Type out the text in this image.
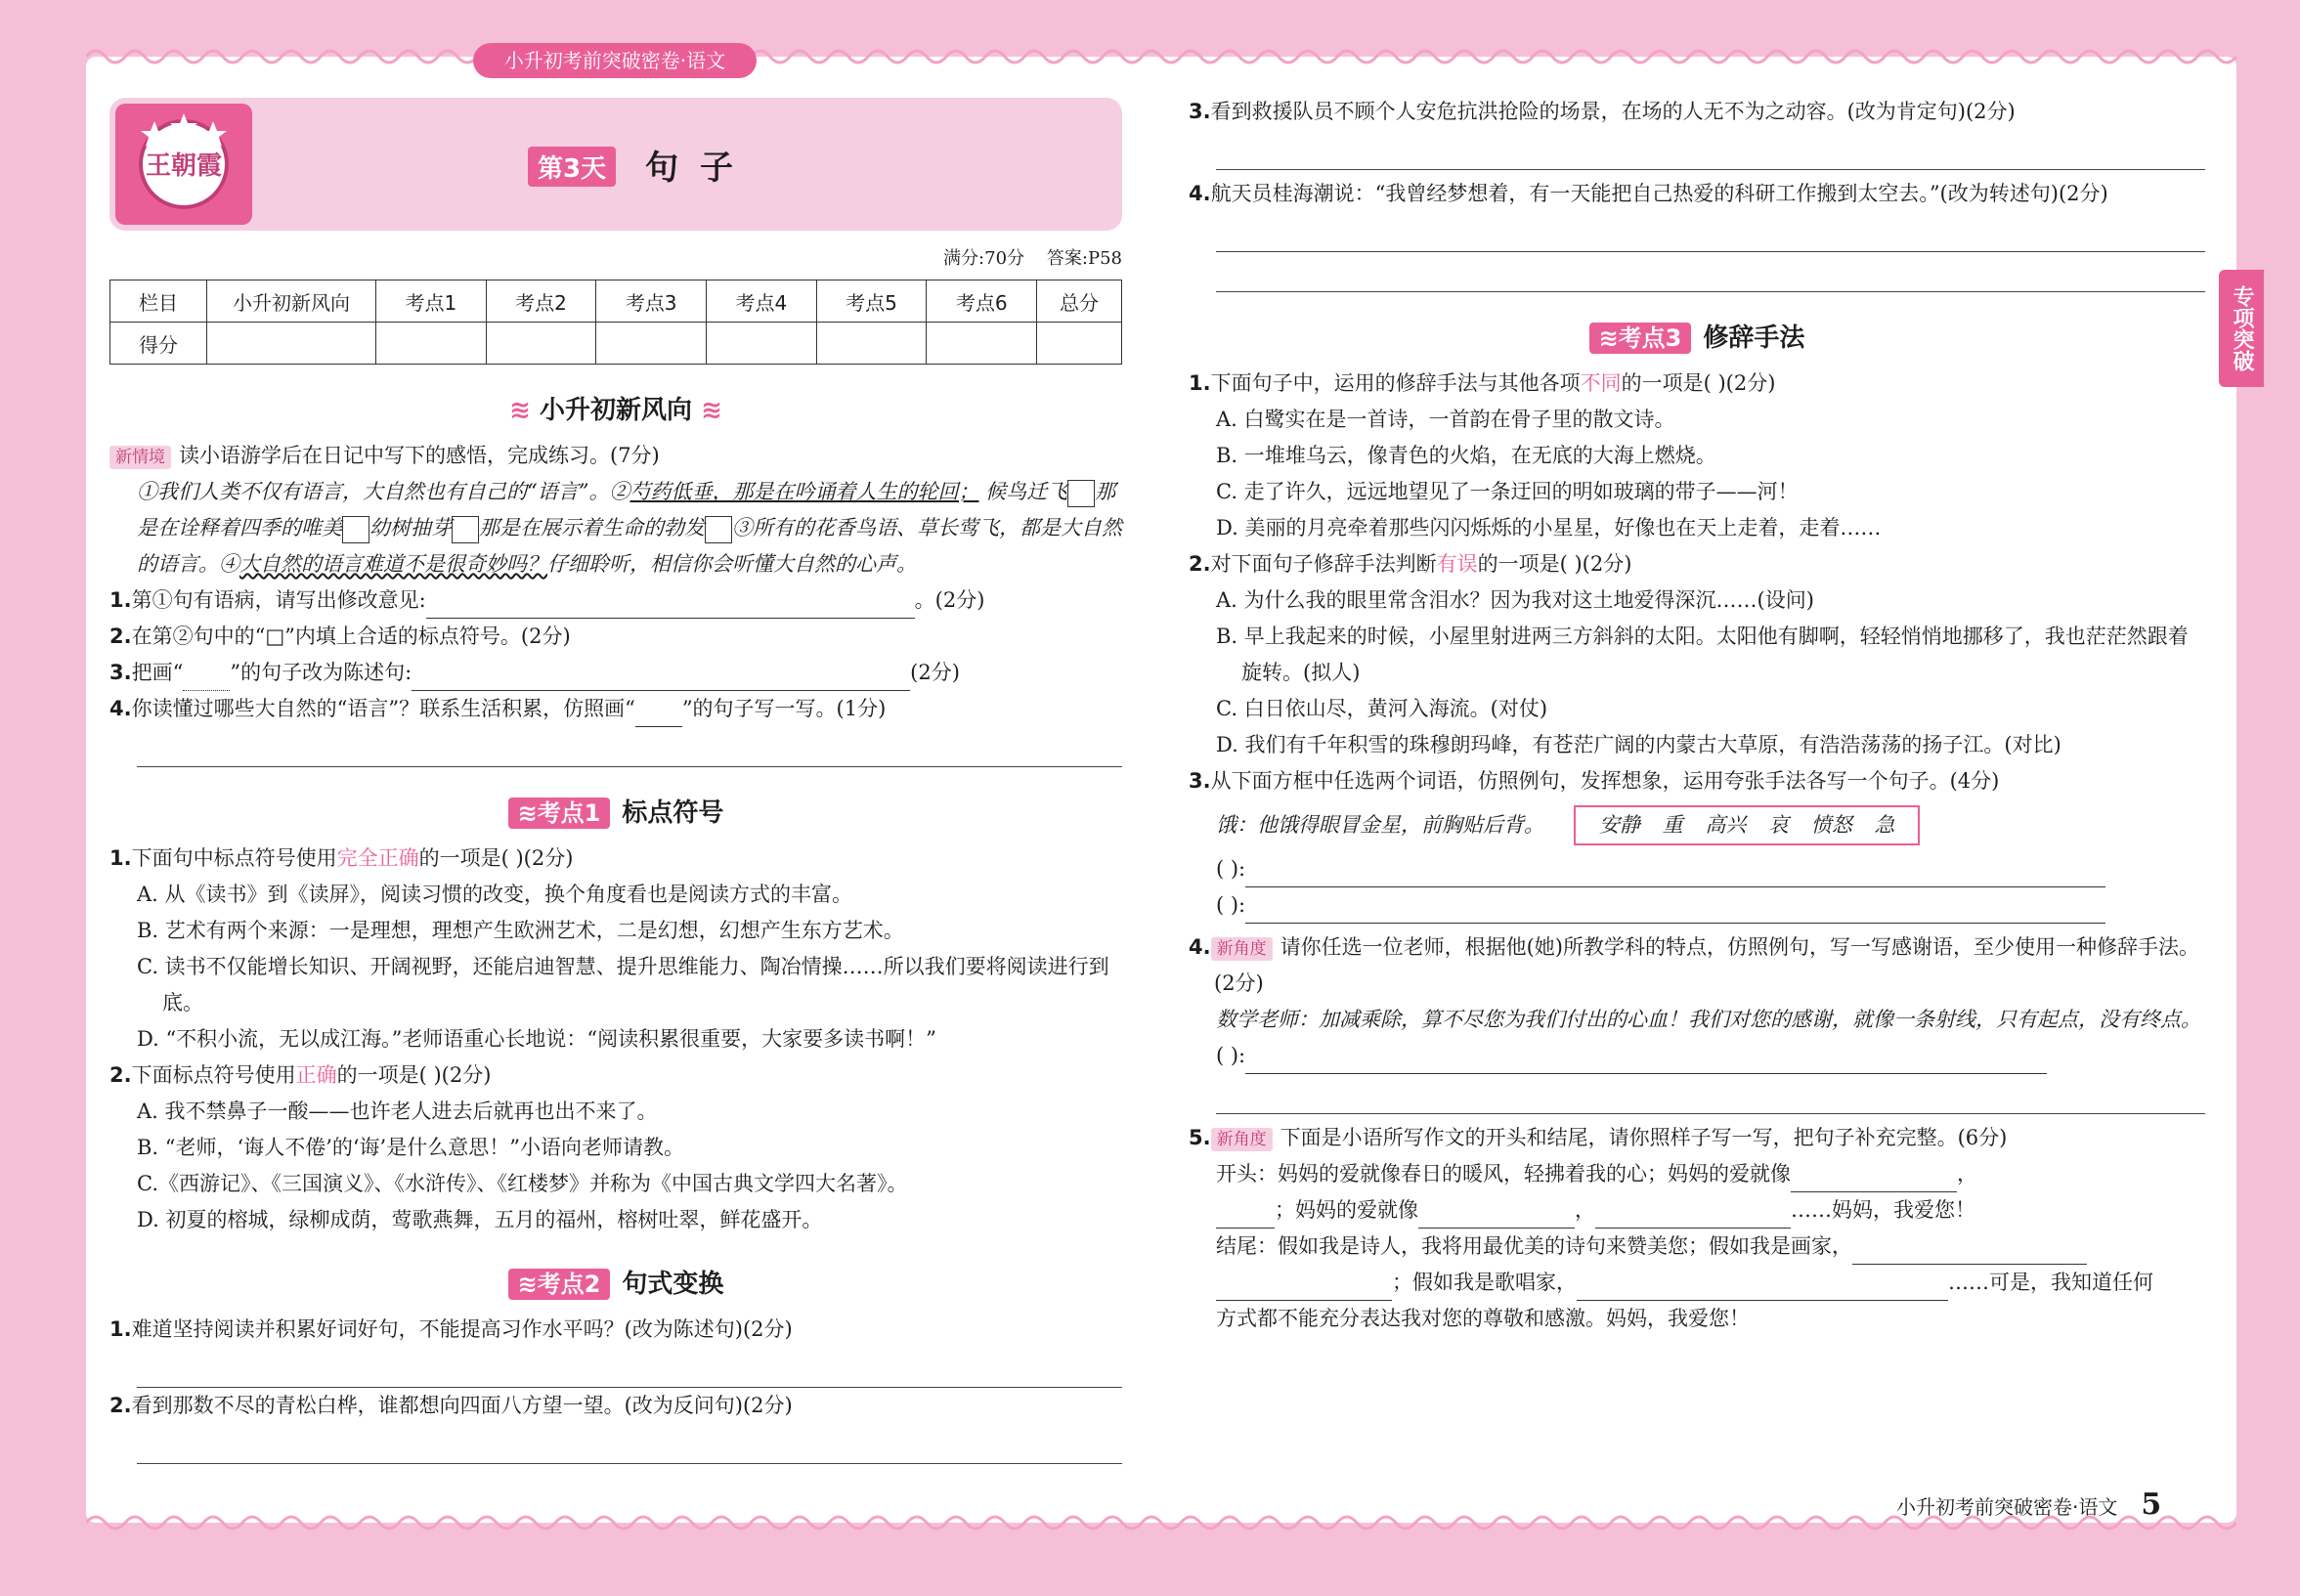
小升初考前突破密卷·语文
王朝霞	第3天 句子
满分:70分 答案:P58
栏目	小升初新风向	考点1	考点2	考点3	考点4	考点5	考点6	总分
得分								
≋ 小升初新风向 ≋

新情境 读小语游学后在日记中写下的感悟，完成练习。(7分)

①我们人类不仅有语言，大自然也有自己的“语言”。②芍药低垂，那是在吟诵着人生的轮回； 候鸟迁飞 那是在诠释着四季的唯美 幼树抽芽 那是在展示着生命的勃发 ③所有的花香鸟语、草长莺飞，都是大自然的语言。④大自然的语言难道不是很奇妙吗？仔细聆听，相信你会听懂大自然的心声。

1.第①句有语病，请写出修改意见:	。(2分)

2.在第②句中的“□”内填上合适的标点符号。(2分)

3.把画“ ”的句子改为陈述句:	(2分)

4.你读懂过哪些大自然的“语言”？联系生活积累，仿照画“ ”的句子写一写。(1分)

≋考点1 标点符号

1.下面句中标点符号使用完全正确的一项是( )(2分)

A. 从《读书》到《读屏》，阅读习惯的改变，换个角度看也是阅读方式的丰富。

B. 艺术有两个来源：一是理想，理想产生欧洲艺术，二是幻想，幻想产生东方艺术。

C. 读书不仅能增长知识、开阔视野，还能启迪智慧、提升思维能力、陶冶情操……所以我们要将阅读进行到底。

D. “不积小流，无以成江海。”老师语重心长地说：“阅读积累很重要，大家要多读书啊！”

2.下面标点符号使用正确的一项是( )(2分)

A. 我不禁鼻子一酸——也许老人进去后就再也出不来了。

B. “老师，‘诲人不倦’的‘诲’是什么意思！”小语向老师请教。

C.《西游记》、《三国演义》、《水浒传》、《红楼梦》并称为《中国古典文学四大名著》。

D. 初夏的榕城，绿柳成荫，莺歌燕舞，五月的福州，榕树吐翠，鲜花盛开。

≋考点2 句式变换

1.难道坚持阅读并积累好词好句，不能提高习作水平吗？(改为陈述句)(2分)

2.看到那数不尽的青松白桦，谁都想向四面八方望一望。(改为反问句)(2分)

3.看到救援队员不顾个人安危抗洪抢险的场景，在场的人无不为之动容。(改为肯定句)(2分)

4.航天员桂海潮说：“我曾经梦想着，有一天能把自己热爱的科研工作搬到太空去。”(改为转述句)(2分)

≋考点3 修辞手法

1.下面句子中，运用的修辞手法与其他各项不同的一项是( )(2分)

A. 白鹭实在是一首诗，一首韵在骨子里的散文诗。

B. 一堆堆乌云，像青色的火焰，在无底的大海上燃烧。

C. 走了许久，远远地望见了一条迂回的明如玻璃的带子——河！

D. 美丽的月亮牵着那些闪闪烁烁的小星星，好像也在天上走着，走着……

2.对下面句子修辞手法判断有误的一项是( )(2分)

A. 为什么我的眼里常含泪水？因为我对这土地爱得深沉……(设问)

B. 早上我起来的时候，小屋里射进两三方斜斜的太阳。太阳他有脚啊，轻轻悄悄地挪移了，我也茫茫然跟着旋转。(拟人)

C. 白日依山尽，黄河入海流。(对仗)

D. 我们有千年积雪的珠穆朗玛峰，有苍茫广阔的内蒙古大草原，有浩浩荡荡的扬子江。(对比)

3.从下面方框中任选两个词语，仿照例句，发挥想象，运用夸张手法各写一个句子。(4分)

饿：他饿得眼冒金星，前胸贴后背。	安静 重 高兴 哀 愤怒 急

( ):

( ):

4. 新角度 请你任选一位老师，根据他(她)所教学科的特点，仿照例句，写一写感谢语，至少使用一种修辞手法。(2分)

数学老师：加减乘除，算不尽您为我们付出的心血！我们对您的感谢，就像一条射线，只有起点，没有终点。

( ):

5. 新角度 下面是小语所写作文的开头和结尾，请你照样子写一写，把句子补充完整。(6分)

开头：妈妈的爱就像春日的暖风，轻拂着我的心；妈妈的爱就像	，

；妈妈的爱就像	，	……妈妈，我爱您！

结尾：假如我是诗人，我将用最优美的诗句来赞美您；假如我是画家，

；假如我是歌唱家，	……可是，我知道任何

方式都不能充分表达我对您的尊敬和感激。妈妈，我爱您！

专项突破
小升初考前突破密卷·语文 5
